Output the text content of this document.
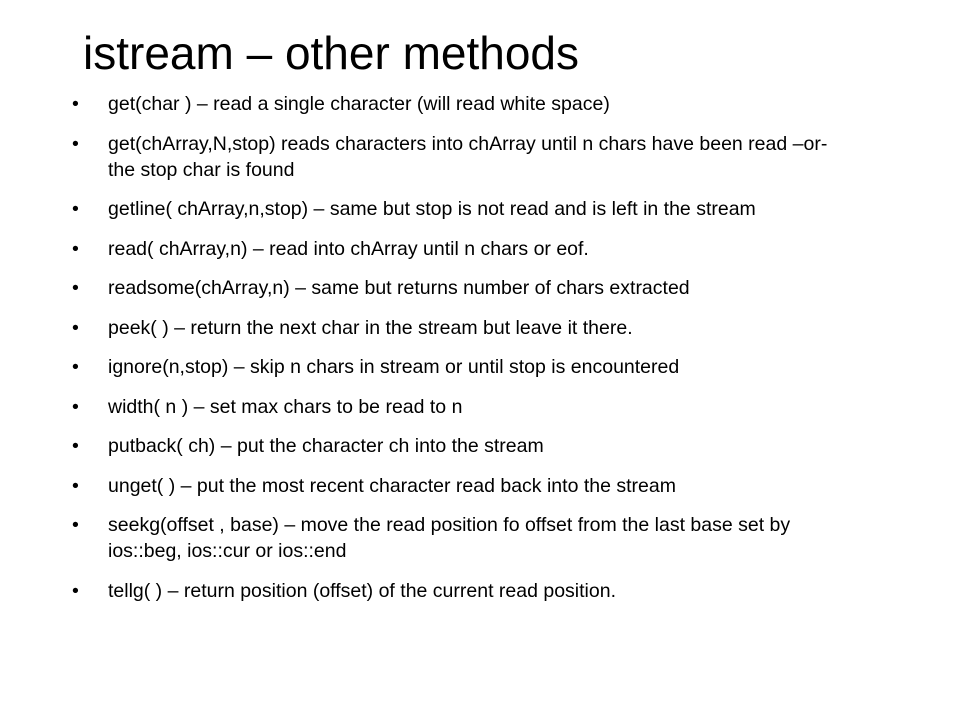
istream – other methods
•	get(char ) – read a single character (will read white space)
•	get(chArray,N,stop) reads characters into chArray until n chars have been read –or- the stop char is found
•	getline( chArray,n,stop) – same but stop is not read and is left in the stream
•	read( chArray,n) – read into chArray until n chars or eof.
•	readsome(chArray,n) – same but returns number of chars extracted
•	peek( ) – return the next char in the stream but leave it there.
•	ignore(n,stop) – skip n chars in stream or until stop is encountered
•	width( n ) – set max chars to be read to n
•	putback( ch) – put the character ch into the stream
•	unget( ) – put the most recent character read back into the stream
•	seekg(offset , base) – move the read position fo offset from the last base set by ios::beg, ios::cur or ios::end
•	tellg( ) – return position (offset) of the current read position.
